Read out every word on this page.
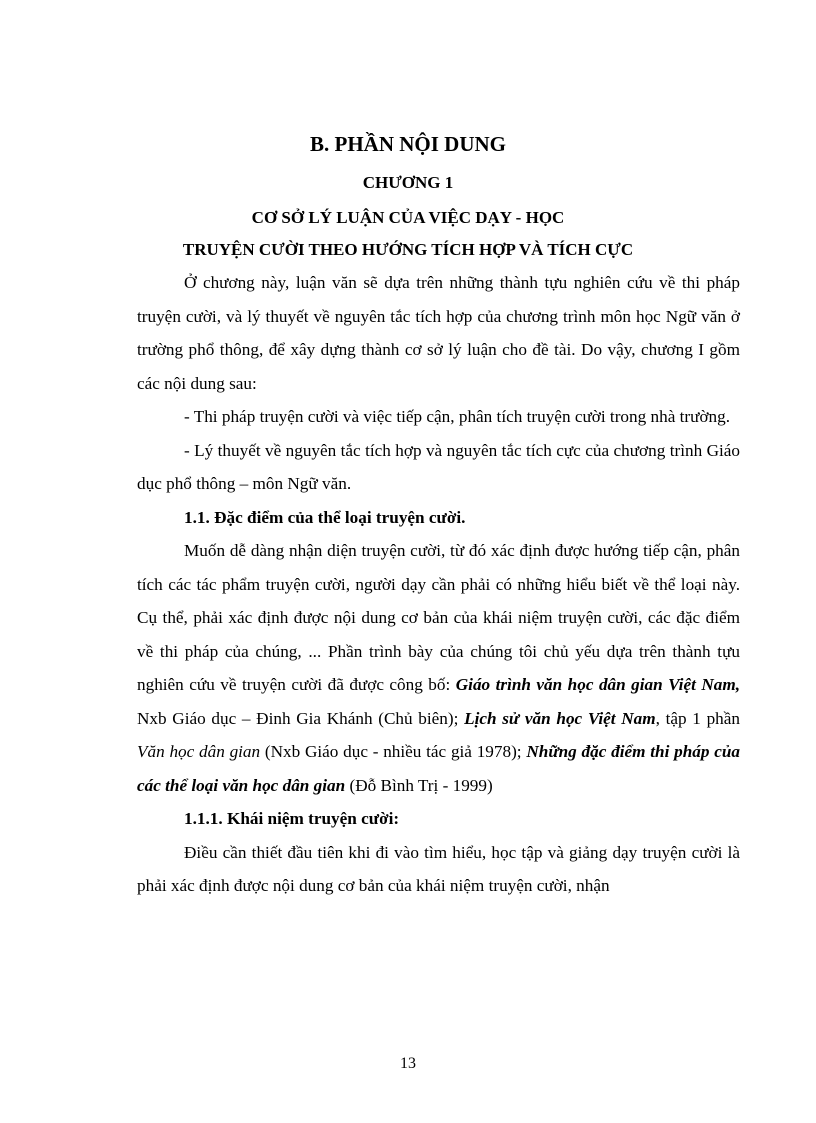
B. PHẦN NỘI DUNG
CHƯƠNG 1
CƠ SỞ LÝ LUẬN CỦA VIỆC DẠY - HỌC
TRUYỆN CƯỜI THEO HƯỚNG TÍCH HỢP VÀ TÍCH CỰC

Ở chương này, luận văn sẽ dựa trên những thành tựu nghiên cứu về thi pháp truyện cười, và lý thuyết về nguyên tắc tích hợp của chương trình môn học Ngữ văn ở trường phổ thông, để xây dựng thành cơ sở lý luận cho đề tài. Do vậy, chương I gồm các nội dung sau:

- Thi pháp truyện cười và việc tiếp cận, phân tích truyện cười trong nhà trường.

- Lý thuyết về nguyên tắc tích hợp và nguyên tắc tích cực của chương trình Giáo dục phổ thông – môn Ngữ văn.

1.1. Đặc điểm của thể loại truyện cười.

Muốn dễ dàng nhận diện truyện cười, từ đó xác định được hướng tiếp cận, phân tích các tác phẩm truyện cười, người dạy cần phải có những hiểu biết về thể loại này. Cụ thể, phải xác định được nội dung cơ bản của khái niệm truyện cười, các đặc điểm về thi pháp của chúng, ... Phần trình bày của chúng tôi chủ yếu dựa trên thành tựu nghiên cứu về truyện cười đã được công bố: Giáo trình văn học dân gian Việt Nam, Nxb Giáo dục – Đinh Gia Khánh (Chủ biên); Lịch sử văn học Việt Nam, tập 1 phần Văn học dân gian (Nxb Giáo dục - nhiều tác giả 1978); Những đặc điểm thi pháp của các thể loại văn học dân gian (Đỗ Bình Trị - 1999)

1.1.1. Khái niệm truyện cười:

Điều cần thiết đầu tiên khi đi vào tìm hiểu, học tập và giảng dạy truyện cười là phải xác định được nội dung cơ bản của khái niệm truyện cười, nhận

13
